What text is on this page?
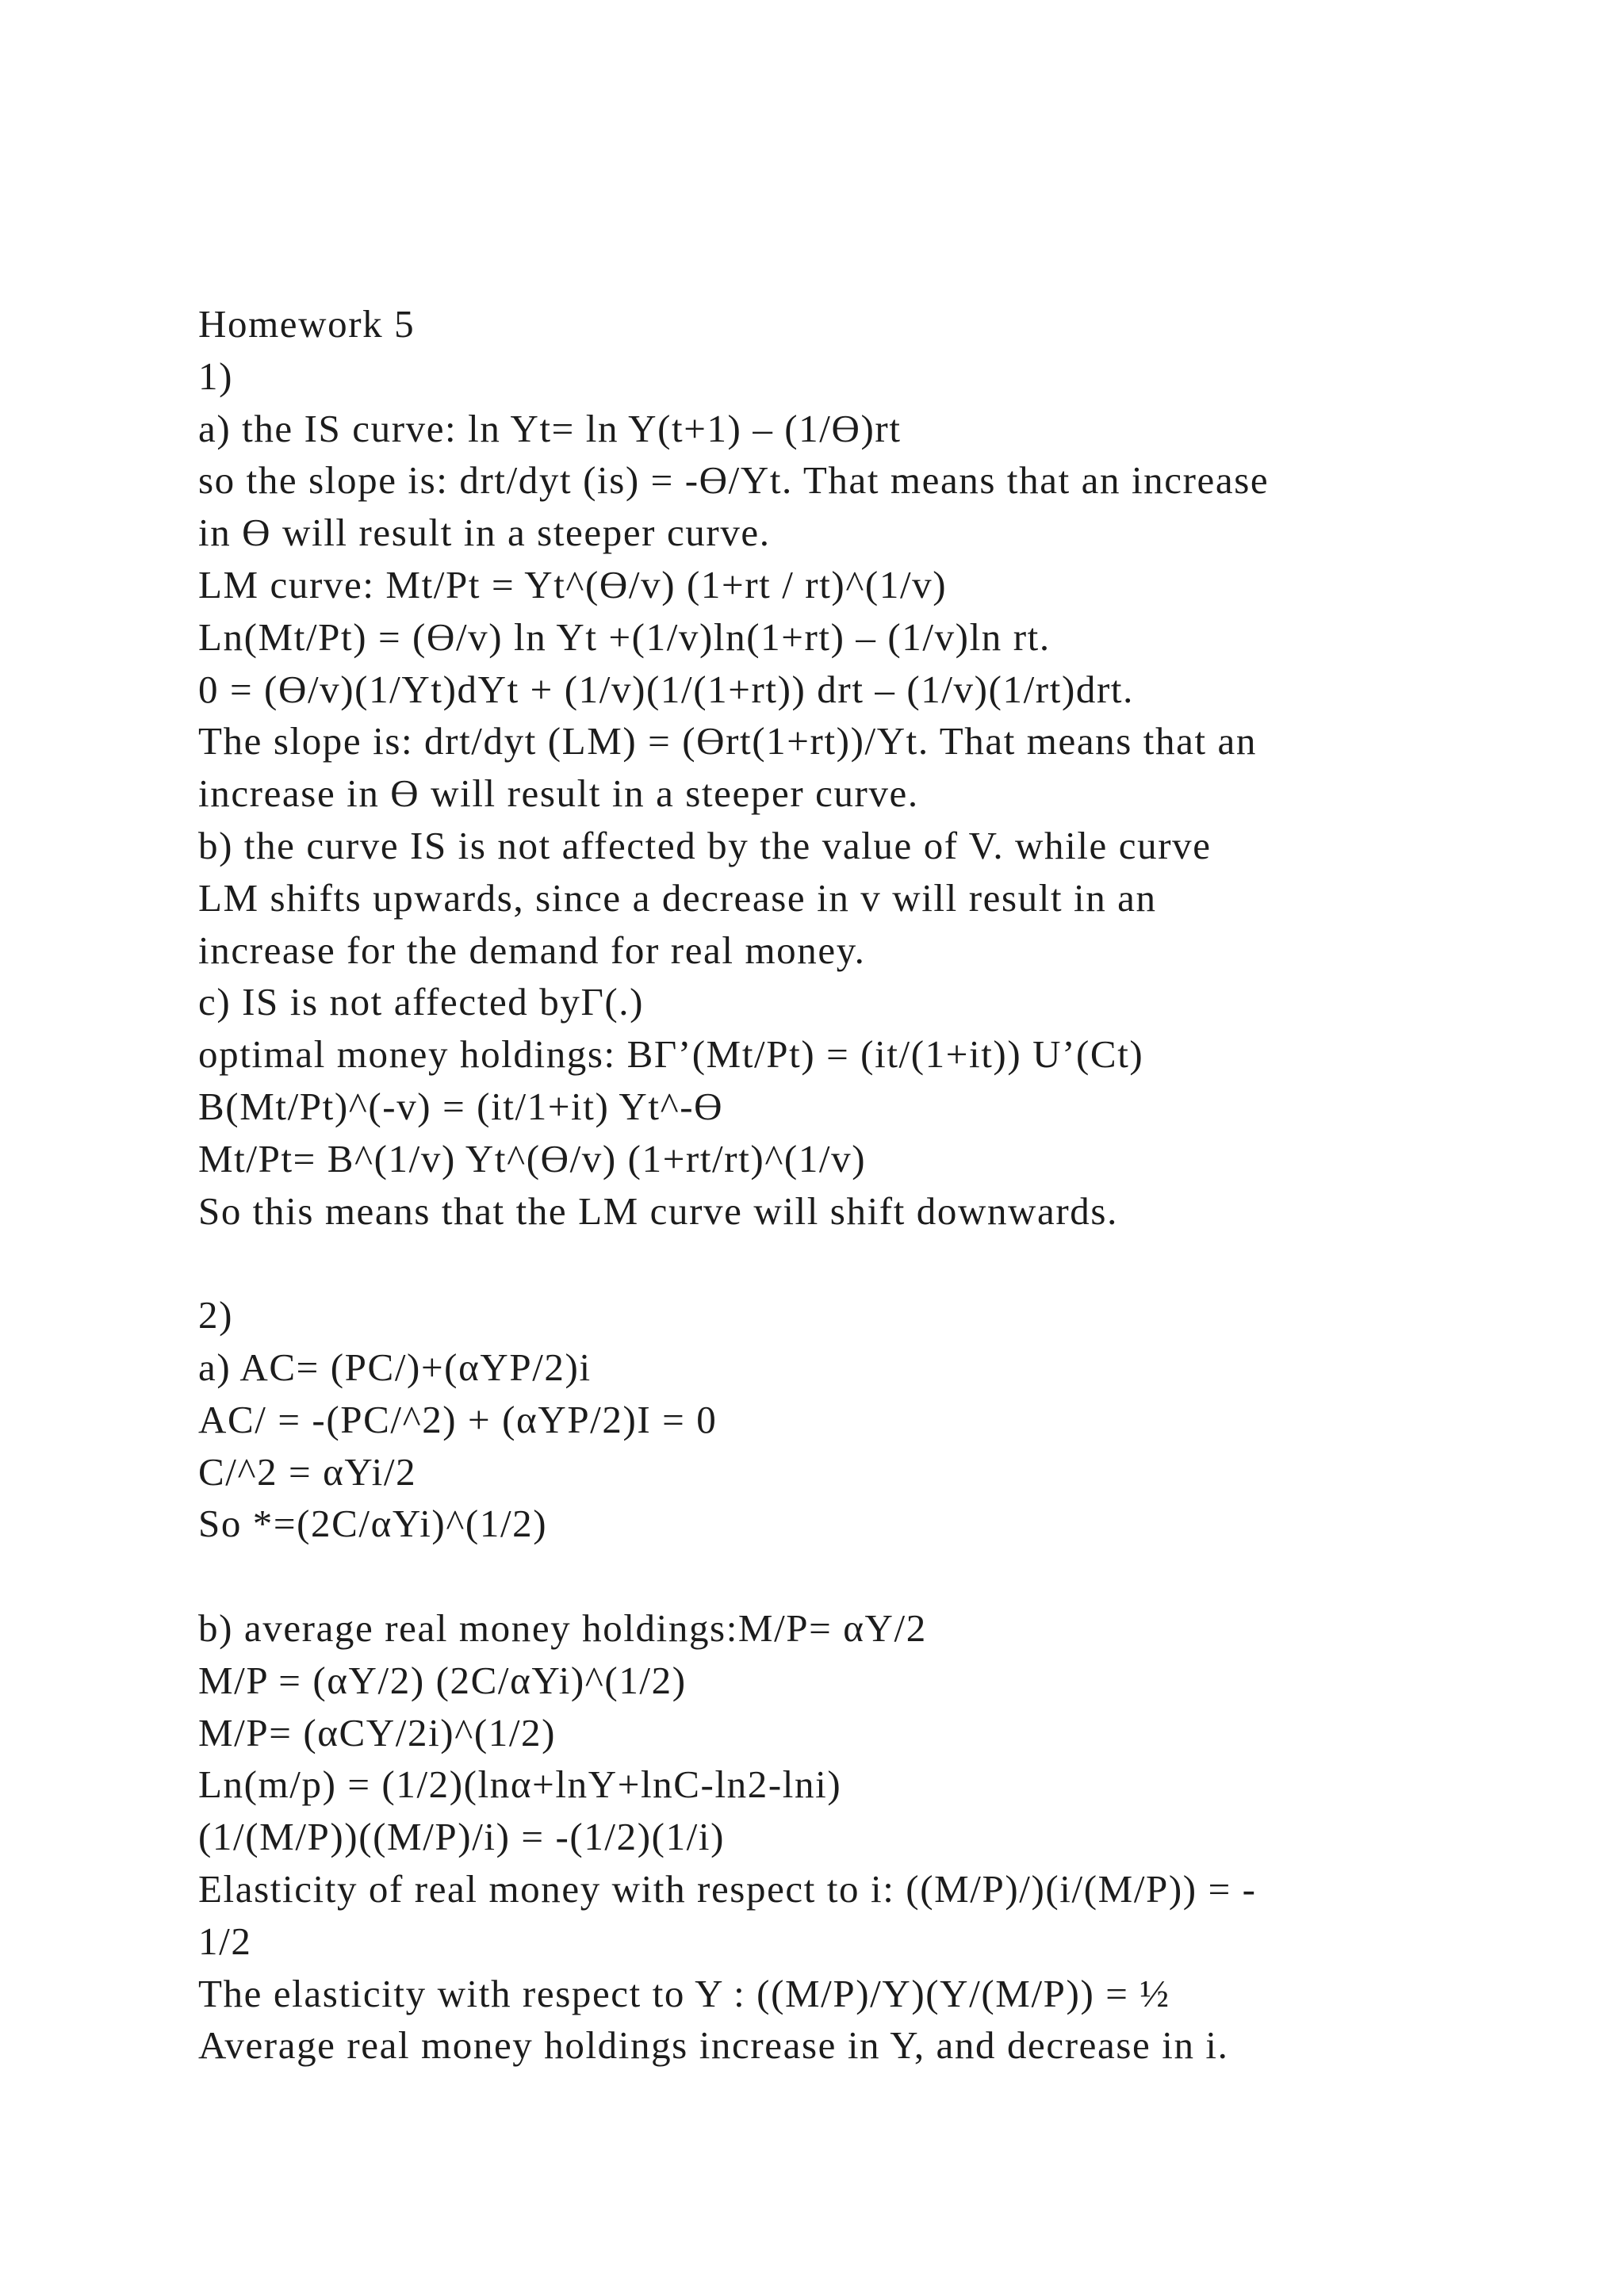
Homework 5
1)
a) the IS curve: ln Yt= ln Y(t+1) – (1/ϴ)rt
so the slope is: drt/dyt (is) = -ϴ/Yt. That means that an increase
in ϴ will result in a steeper curve.
LM curve: Mt/Pt = Yt^(ϴ/v) (1+rt / rt)^(1/v)
Ln(Mt/Pt) = (ϴ/v) ln Yt +(1/v)ln(1+rt) – (1/v)ln rt.
0 = (ϴ/v)(1/Yt)dYt + (1/v)(1/(1+rt)) drt – (1/v)(1/rt)drt.
The slope is: drt/dyt (LM) = (ϴrt(1+rt))/Yt. That means that an
increase in ϴ will result in a steeper curve.
b) the curve IS is not affected by the value of V. while curve
LM shifts upwards, since a decrease in v will result in an
increase for the demand for real money.
c) IS is not affected byΓ(.)
optimal money holdings: BΓ’(Mt/Pt) = (it/(1+it)) U’(Ct)
B(Mt/Pt)^(-v) = (it/1+it) Yt^-ϴ
Mt/Pt= B^(1/v) Yt^(ϴ/v) (1+rt/rt)^(1/v)
So this means that the LM curve will shift downwards.
2)
a) AC= (PC/)+(αYP/2)i
AC/ = -(PC/^2) + (αYP/2)I = 0
C/^2 = αYi/2
So *=(2C/αYi)^(1/2)
b) average real money holdings:M/P= αY/2
M/P = (αY/2) (2C/αYi)^(1/2)
M/P= (αCY/2i)^(1/2)
Ln(m/p) = (1/2)(lnα+lnY+lnC-ln2-lni)
(1/(M/P))((M/P)/i) = -(1/2)(1/i)
Elasticity of real money with respect to i: ((M/P)/)(i/(M/P)) = -
1/2
The elasticity with respect to Y : ((M/P)/Y)(Y/(M/P)) = ½
Average real money holdings increase in Y, and decrease in i.
